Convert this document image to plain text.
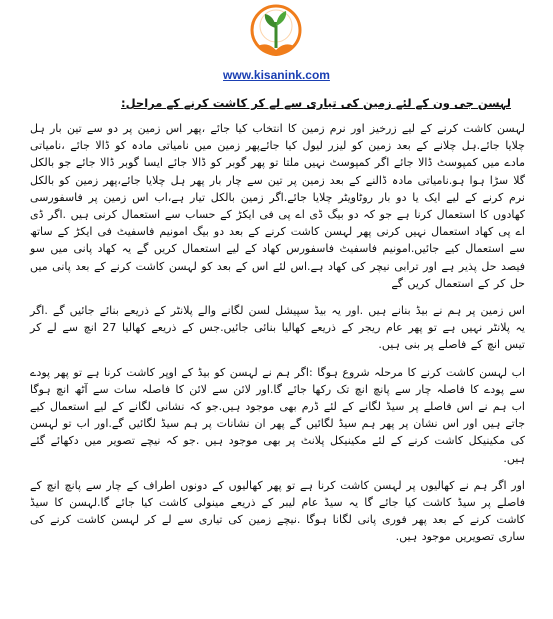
www.kisanink.com
لہسن جی ون کے لئے زمین کی تیاری سے لے کر کاشت کرنے کے مراحل:

لہسن کاشت کرنے کے لیے زرخیز اور نرم زمین کا انتخاب کیا جائے ،پھر اس زمین پر دو سے تین بار ہل چلایا جائے.ہل چلانے کے بعد زمین کو لیزر لیول کیا جائےپھر زمین میں نامیاتی مادہ کو ڈالا جائے ،نامیاتی مادے میں کمپوسٹ ڈالا جائے اگر کمپوسٹ نہیں ملتا تو پھر گوبر کو ڈالا جائے ایسا گوبر ڈالا جائے جو بالکل گلا سڑا ہوا ہو.نامیاتی مادہ ڈالنے کے بعد زمین پر تین سے چار بار پھر ہل چلایا جائے،پھر زمین کو بالکل نرم کرنے کے لیے ایک یا دو بار روٹاویٹر چلایا جائے.اگر زمین بالکل تیار ہے،اب اس زمین پر فاسفورسی کھادوں کا استعمال کرنا ہے جو کہ دو بیگ ڈی اے پی فی ایکڑ کے حساب سے استعمال کرنی ہیں .اگر ڈی اے پی کھاد استعمال نہیں کرنی پھر لہسن کاشت کرنے کے بعد دو بیگ امونیم فاسفیٹ فی ایکڑ کے ساتھ سے استعمال کیے جائیں.امونیم فاسفیٹ فاسفورس کھاد کے لیے استعمال کریں گے یہ کھاد پانی میں سو فیصد حل پذیر ہے اور ترابی نیچر کی کھاد ہے.اس لئے اس کے بعد کو لہسن کاشت کرنے کے بعد پانی میں حل کر کے استعمال کریں گے

اس زمین پر ہم نے بیڈ بنانے ہیں .اور یہ بیڈ سپیشل لسن لگانے والے پلانٹر کے ذریعے بنائے جائیں گے .اگر یہ پلانٹر نہیں ہے تو پھر عام ریجر کے ذریعے کھالیا بنائی جائیں.جس کے ذریعے کھالیا 27 انچ سے لے کر تیس انچ کے فاصلے پر بنی ہیں.

اب لہسن کاشت کرنے کا مرحلہ شروع ہوگا :اگر ہم نے لہسن کو بیڈ کے اوپر کاشت کرنا ہے تو پھر پودے سے پودے کا فاصلہ چار سے پانچ انچ تک رکھا جائے گا.اور لائن سے لائن کا فاصلہ سات سے آٹھ انچ ہوگا اب ہم نے اس فاصلے پر سیڈ لگانے کے لئے ڈرم بھی موجود ہیں.جو کہ نشانی لگانے کے لیے استعمال کیے جاتے ہیں اور اس نشان پر پھر ہم سیڈ لگائیں گے پھر ان نشانات پر ہم سیڈ لگائیں گے.اور اب تو لہسن کی مکینیکل کاشت کرنے کے لئے مکینیکل پلانٹ پر بھی موجود ہیں .جو کہ نیچے تصویر میں دکھائے گئے ہیں.

اور اگر ہم نے کھالیوں پر لہسن کاشت کرنا ہے تو پھر کھالیوں کے دونوں اطراف کے چار سے پانچ انچ کے فاصلے پر سیڈ کاشت کیا جائے گا یہ سیڈ عام لیبر کے ذریعے مینولی کاشت کیا جائے گا.لہسن کا سیڈ کاشت کرنے کے بعد پھر فوری پانی لگانا ہوگا .نیچے زمین کی تیاری سے لے کر لہسن کاشت کرنے کی ساری تصویریں موجود ہیں.
